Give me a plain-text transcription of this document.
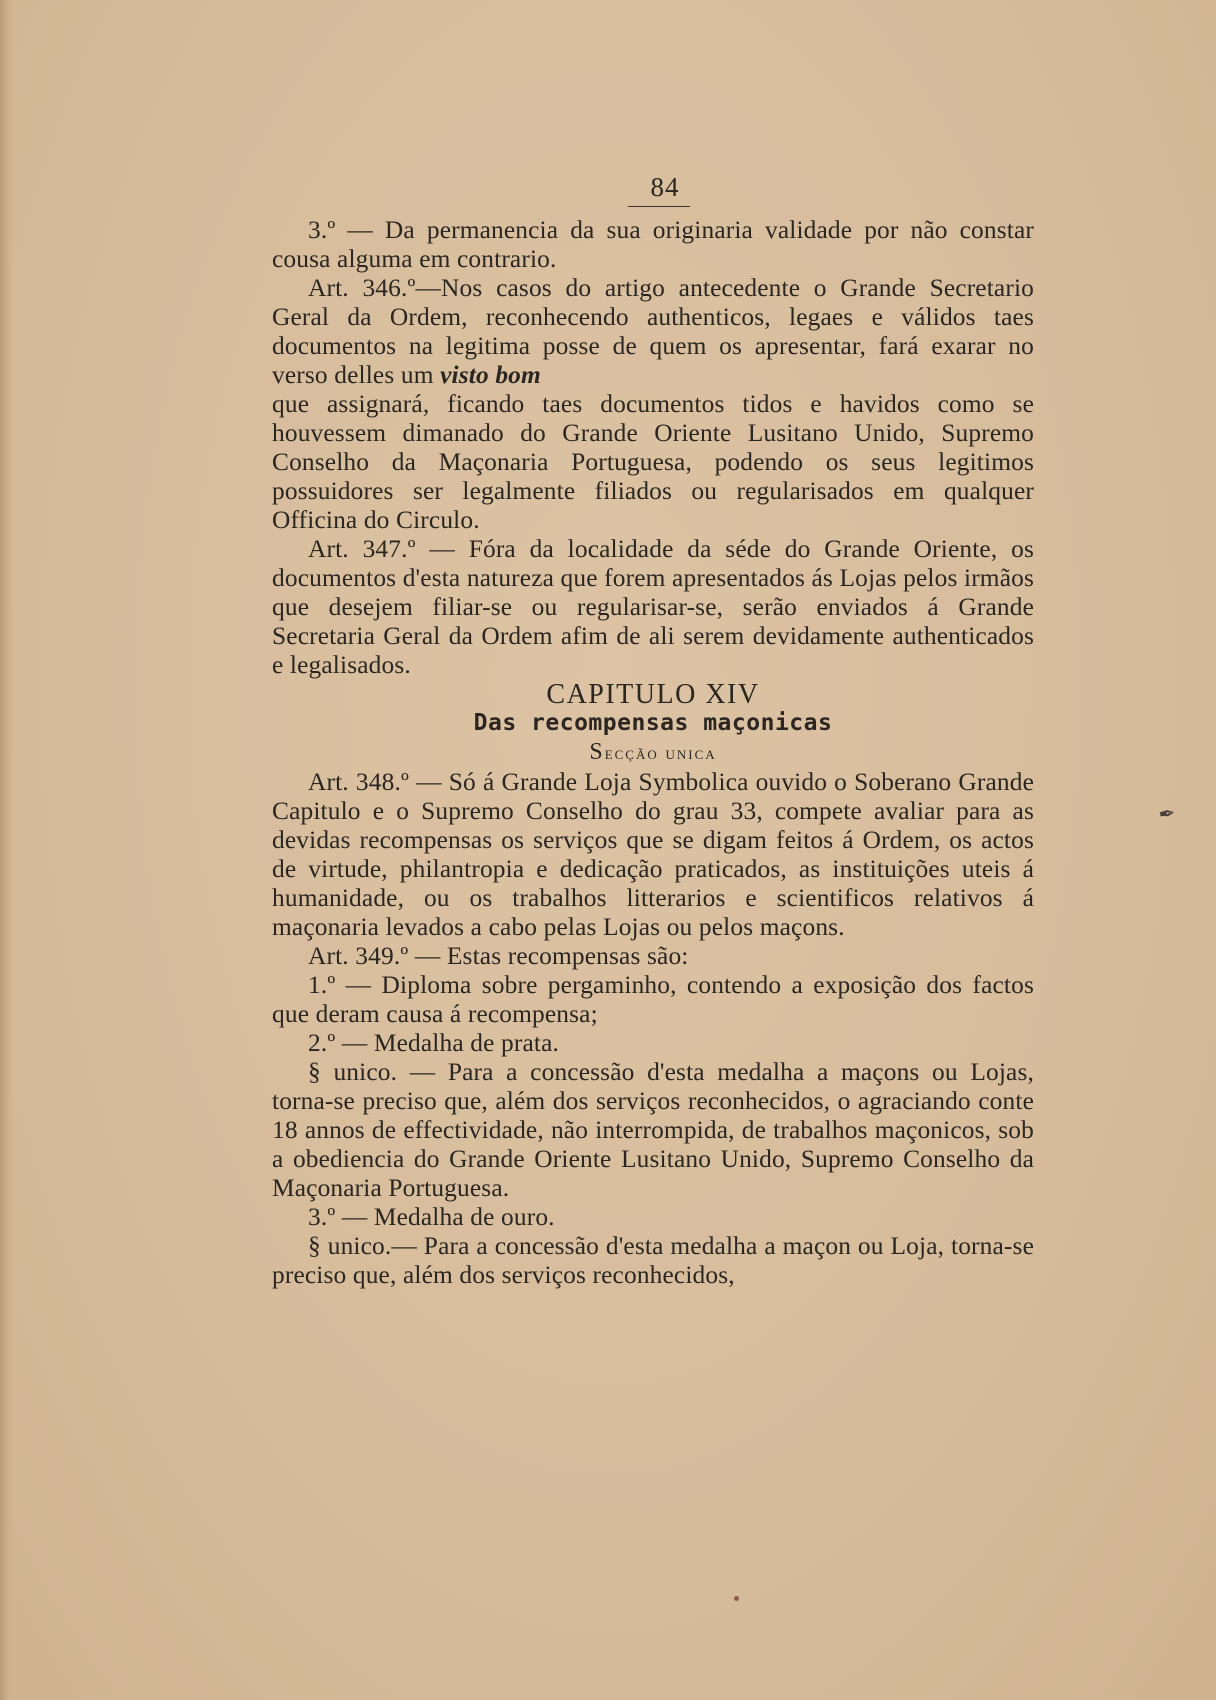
84

3.º — Da permanencia da sua originaria validade por não constar cousa alguma em contrario.

Art. 346.º—Nos casos do artigo antecedente o Grande Secretario Geral da Ordem, reconhecendo authenticos, legaes e válidos taes documentos na legitima posse de quem os apresentar, fará exarar no verso delles um visto bom

que assignará, ficando taes documentos tidos e havidos como se houvessem dimanado do Grande Oriente Lusitano Unido, Supremo Conselho da Maçonaria Portuguesa, podendo os seus legitimos possuidores ser legalmente filiados ou regularisados em qualquer Officina do Circulo.

Art. 347.º — Fóra da localidade da séde do Grande Oriente, os documentos d'esta natureza que forem apresentados ás Lojas pelos irmãos que desejem filiar-se ou regularisar-se, serão enviados á Grande Secretaria Geral da Ordem afim de ali serem devidamente authenticados e legalisados.

CAPITULO XIV

Das recompensas maçonicas

Secção unica

Art. 348.º — Só á Grande Loja Symbolica ouvido o Soberano Grande Capitulo e o Supremo Conselho do grau 33, compete avaliar para as devidas recompensas os serviços que se digam feitos á Ordem, os actos de virtude, philantropia e dedicação praticados, as instituições uteis á humanidade, ou os trabalhos litterarios e scientificos relativos á maçonaria levados a cabo pelas Lojas ou pelos maçons.

Art. 349.º — Estas recompensas são:

1.º — Diploma sobre pergaminho, contendo a exposição dos factos que deram causa á recompensa;

2.º — Medalha de prata.

§ unico. — Para a concessão d'esta medalha a maçons ou Lojas, torna-se preciso que, além dos serviços reconhecidos, o agraciando conte 18 annos de effectividade, não interrompida, de trabalhos maçonicos, sob a obediencia do Grande Oriente Lusitano Unido, Supremo Conselho da Maçonaria Portuguesa.

3.º — Medalha de ouro.

§ unico.— Para a concessão d'esta medalha a maçon ou Loja, torna-se preciso que, além dos serviços reconhecidos,

✒
